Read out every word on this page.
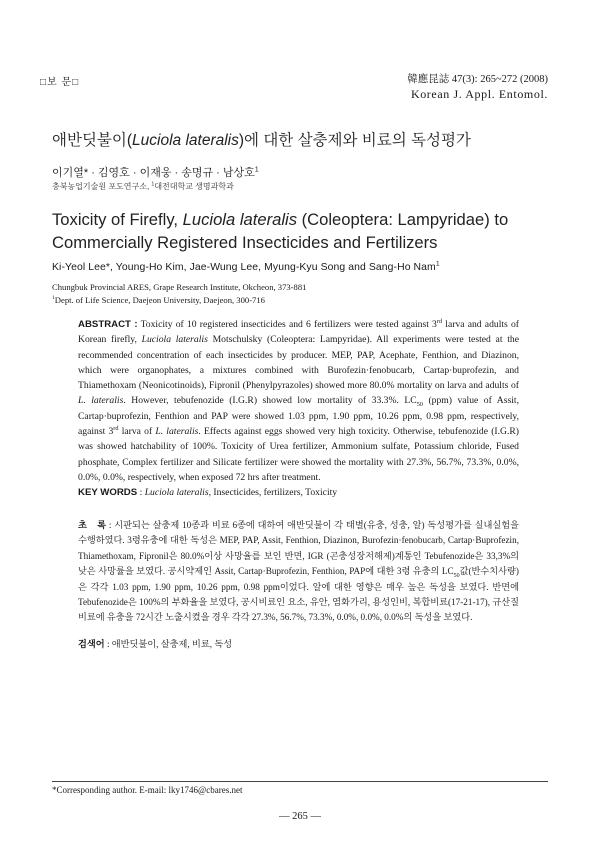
□보 문□	韓應昆誌 47(3): 265~272 (2008)
Korean J. Appl. Entomol.
애반딧불이(Luciola lateralis)에 대한 살충제와 비료의 독성평가
이기열* · 김영호 · 이재웅 · 송명규 · 남상호$^1$
충북농업기술원 포도연구소, $^1$대전대학교 생명과학과
Toxicity of Firefly, Luciola lateralis (Coleoptera: Lampyridae) to Commercially Registered Insecticides and Fertilizers
Ki-Yeol Lee*, Young-Ho Kim, Jae-Wung Lee, Myung-Kyu Song and Sang-Ho Nam$^1$
Chungbuk Provincial ARES, Grape Research Institute, Okcheon, 373-881
$^1$Dept. of Life Science, Daejeon University, Daejeon, 300-716
ABSTRACT : Toxicity of 10 registered insecticides and 6 fertilizers were tested against 3rd larva and adults of Korean firefly, Luciola lateralis Motschulsky (Coleoptera: Lampyridae). All experiments were tested at the recommended concentration of each insecticides by producer. MEP, PAP, Acephate, Fenthion, and Diazinon, which were organophates, a mixtures combined with Burofezin·fenobucarb, Cartap·buprofezin, and Thiamethoxam (Neonicotinoids), Fipronil (Phenylpyrazoles) showed more 80.0% mortality on larva and adults of L. lateralis. However, tebufenozide (I.G.R) showed low mortality of 33.3%. $LC_{50}$ (ppm) value of Assit, Cartap·buprofezin, Fenthion and PAP were showed 1.03 ppm, 1.90 ppm, 10.26 ppm, 0.98 ppm, respectively, against 3rd larva of L. lateralis. Effects against eggs showed very high toxicity. Otherwise, tebufenozide (I.G.R) was showed hatchability of 100%. Toxicity of Urea fertilizer, Ammonium sulfate, Potassium chloride, Fused phosphate, Complex fertilizer and Silicate fertilizer were showed the mortality with 27.3%, 56.7%, 73.3%, 0.0%, 0.0%, 0.0%, respectively, when exposed 72 hrs after treatment.
KEY WORDS : Luciola lateralis, Insecticides, fertilizers, Toxicity
초　록 : 시판되는 살충제 10종과 비료 6종에 대하여 애반딧불이 각 태별(유충, 성충, 알) 독성평가를 실내실험을 수행하였다. 3령유충에 대한 독성은 MEP, PAP, Assit, Fenthion, Diazinon, Burofezin·fenobucarb, Cartap·Buprofezin, Thiamethoxam, Fipronil은 80.0%이상 사망율를 보인 반면, IGR (곤충성장저해제)계통인 Tebufenozide은 33,3%의 낮은 사망률을 보였다. 공시약제인 Assit, Cartap·Buprofezin, Fenthion, PAP에 대한 3령 유충의 $LC_{50}$값(반수치사량)은 각각 1.03 ppm, 1.90 ppm, 10.26 ppm, 0.98 ppm이었다. 알에 대한 영향은 매우 높은 독성을 보였다. 반면에 Tebufenozide은 100%의 부화율을 보였다, 공시비료인 요소, 유안, 염화가리, 용성인비, 복합비료(17-21-17), 규산질비료에 유충을 72시간 노출시켰을 경우 각각 27.3%, 56.7%, 73.3%, 0.0%, 0.0%, 0.0%의 독성을 보였다.
검색어 : 애반딧불이, 살충제, 비료, 독성
*Corresponding author. E-mail: lky1746@cbares.net
― 265 ―
